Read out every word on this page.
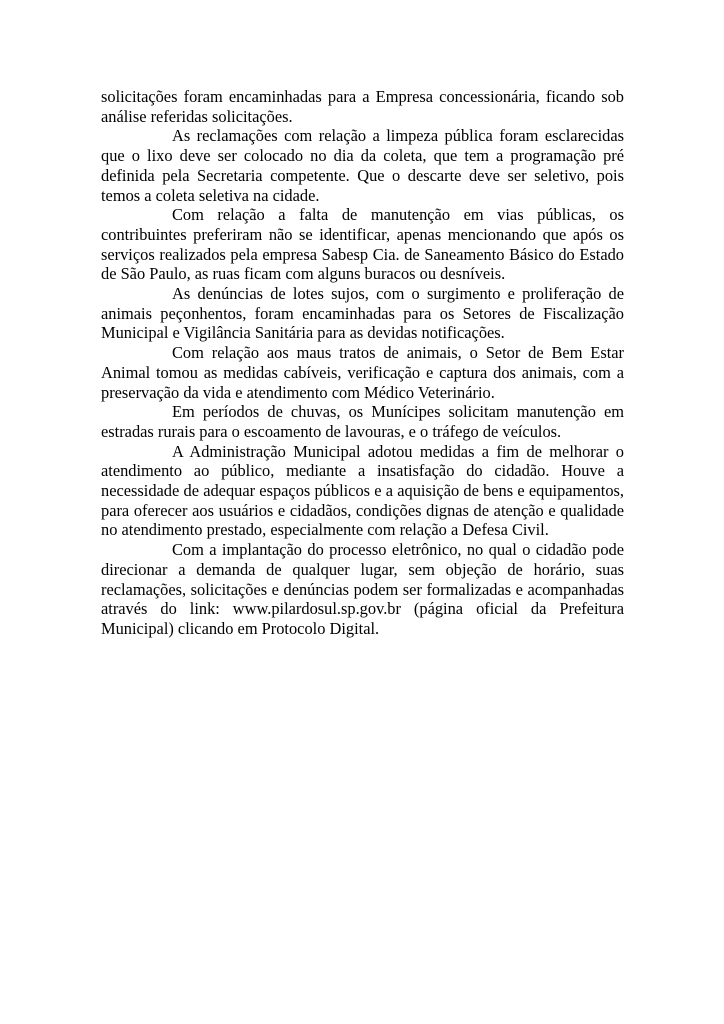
solicitações foram encaminhadas para a Empresa concessionária, ficando sob análise referidas solicitações.

As reclamações com relação a limpeza pública foram esclarecidas que o lixo deve ser colocado no dia da coleta, que tem a programação pré definida pela Secretaria competente. Que o descarte deve ser seletivo, pois temos a coleta seletiva na cidade.

Com relação a falta de manutenção em vias públicas, os contribuintes preferiram não se identificar, apenas mencionando que após os serviços realizados pela empresa Sabesp Cia. de Saneamento Básico do Estado de São Paulo, as ruas ficam com alguns buracos ou desníveis.

As denúncias de lotes sujos, com o surgimento e proliferação de animais peçonhentos, foram encaminhadas para os Setores de Fiscalização Municipal e Vigilância Sanitária para as devidas notificações.

Com relação aos maus tratos de animais, o Setor de Bem Estar Animal tomou as medidas cabíveis, verificação e captura dos animais, com a preservação da vida e atendimento com Médico Veterinário.

Em períodos de chuvas, os Munícipes solicitam manutenção em estradas rurais para o escoamento de lavouras, e o tráfego de veículos.

A Administração Municipal adotou medidas a fim de melhorar o atendimento ao público, mediante a insatisfação do cidadão. Houve a necessidade de adequar espaços públicos e a aquisição de bens e equipamentos, para oferecer aos usuários e cidadãos, condições dignas de atenção e qualidade no atendimento prestado, especialmente com relação a Defesa Civil.

Com a implantação do processo eletrônico, no qual o cidadão pode direcionar a demanda de qualquer lugar, sem objeção de horário, suas reclamações, solicitações e denúncias podem ser formalizadas e acompanhadas através do link: www.pilardosul.sp.gov.br (página oficial da Prefeitura Municipal) clicando em Protocolo Digital.
